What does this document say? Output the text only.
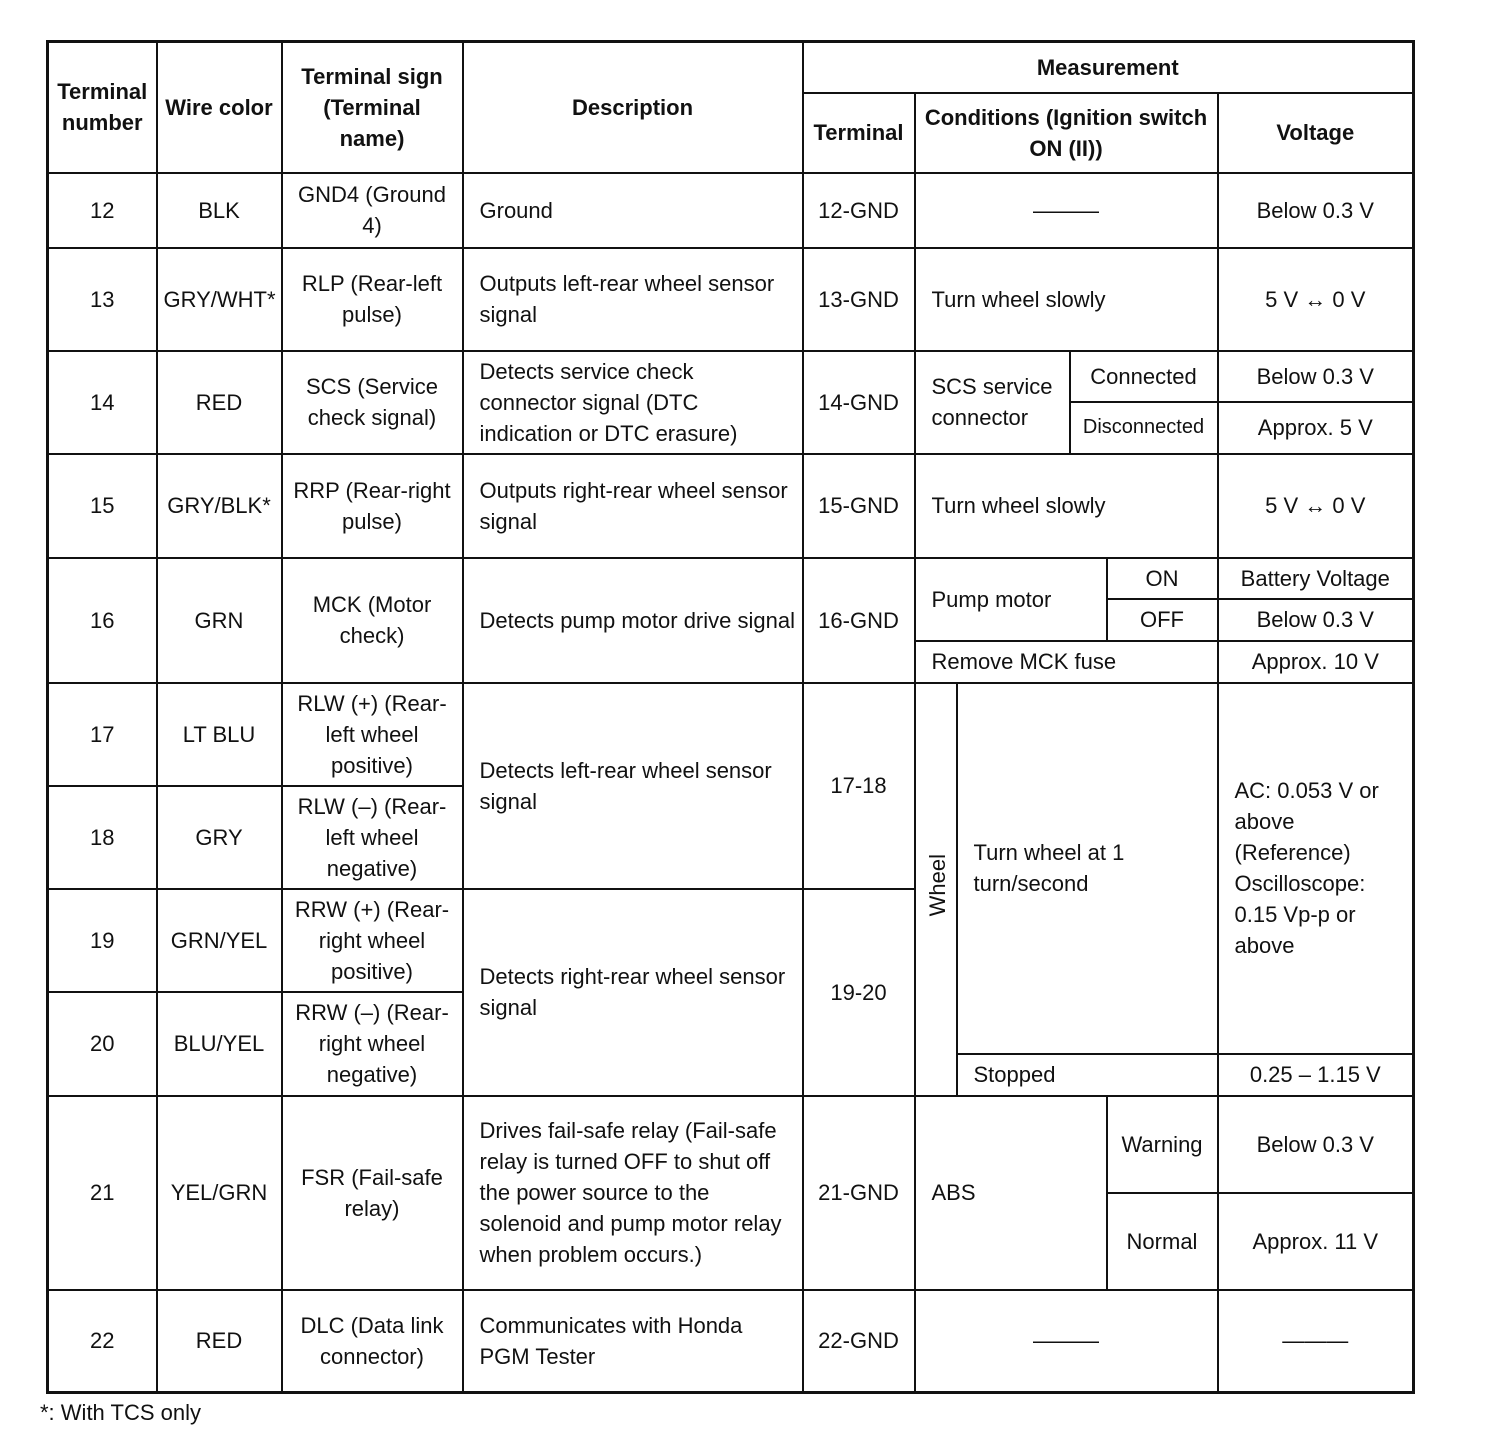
Terminal number	Wire color	Terminal sign (Terminal name)	Description	Measurement					
				Terminal	Conditions (Ignition switch ON (II))				Voltage
12	BLK	GND4 (Ground 4)	Ground	12-GND	———				Below 0.3 V
13	GRY/WHT*	RLP (Rear-left pulse)	Outputs left-rear wheel sensor signal	13-GND	Turn wheel slowly				5 V ↔ 0 V
14	RED	SCS (Service check signal)	Detects service check connector signal (DTC indication or DTC erasure)	14-GND	SCS service connector		Connected		Below 0.3 V
							Disconnected		Approx. 5 V
15	GRY/BLK*	RRP (Rear-right pulse)	Outputs right-rear wheel sensor signal	15-GND	Turn wheel slowly				5 V ↔ 0 V
16	GRN	MCK (Motor check)	Detects pump motor drive signal	16-GND	Pump motor			ON	Battery Voltage
								OFF	Below 0.3 V
					Remove MCK fuse				Approx. 10 V
17	LT BLU	RLW (+) (Rear-left wheel positive)	Detects left-rear wheel sensor signal	17-18	Wheel	Turn wheel at 1 turn/second			AC: 0.053 V or above (Reference) Oscilloscope: 0.15 Vp-p or above
18	GRY	RLW (–) (Rear-left wheel negative)							
19	GRN/YEL	RRW (+) (Rear-right wheel positive)	Detects right-rear wheel sensor signal	19-20					
20	BLU/YEL	RRW (–) (Rear-right wheel negative)							
						Stopped			0.25 – 1.15 V
21	YEL/GRN	FSR (Fail-safe relay)	Drives fail-safe relay (Fail-safe relay is turned OFF to shut off the power source to the solenoid and pump motor relay when problem occurs.)	21-GND	ABS			Warning	Below 0.3 V
								Normal	Approx. 11 V
22	RED	DLC (Data link connector)	Communicates with Honda PGM Tester	22-GND	———				———
*: With TCS only
